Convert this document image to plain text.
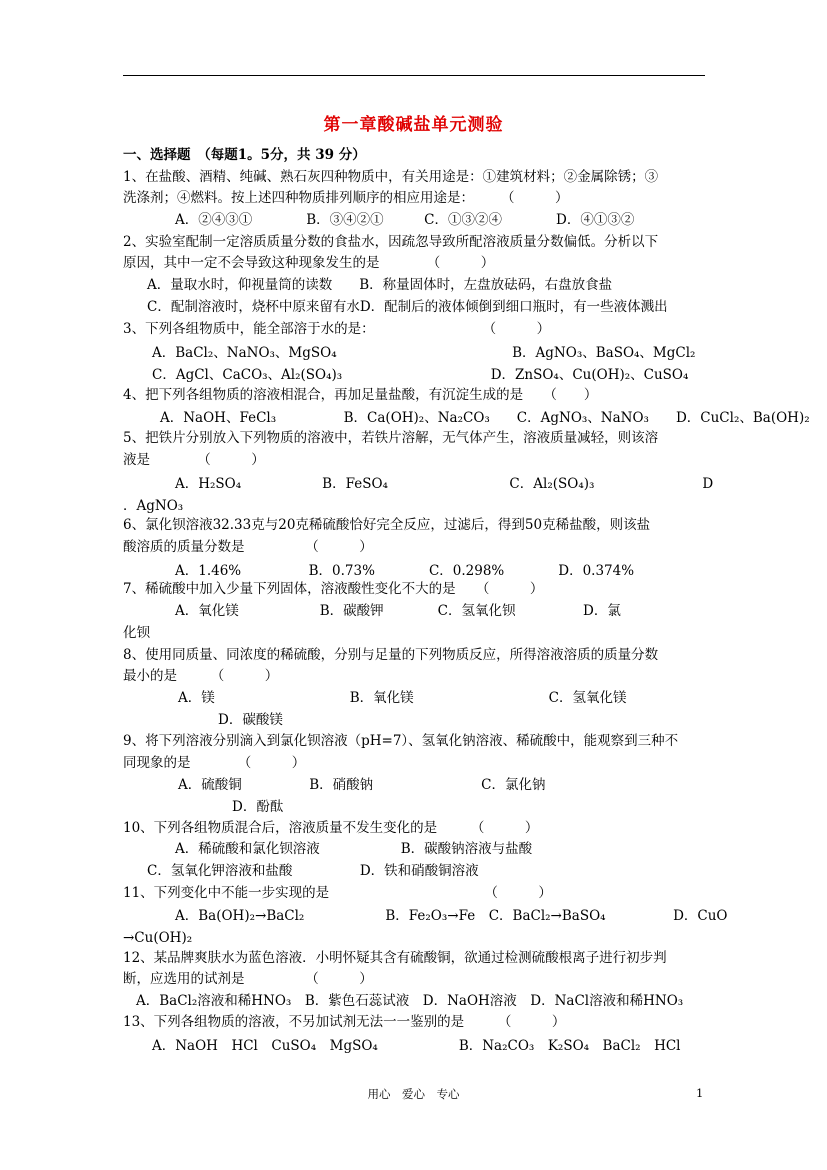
第一章酸碱盐单元测验
一、选择题　（每题1。5分，共 39 分）
1、在盐酸、酒精、纯碱、熟石灰四种物质中，有关用途是：①建筑材料；②金属除锈；③
洗涤剂；④燃料。按上述四种物质排列顺序的相应用途是：　　　（　　　）
A．②④③①　　　　B．③④②①　　　C．①③②④　　　　D．④①③②
2、实验室配制一定溶质质量分数的食盐水，因疏忽导致所配溶液质量分数偏低。分析以下
原因，其中一定不会导致这种现象发生的是　　　　（　　　）
A．量取水时，仰视量筒的读数　　B．称量固体时，左盘放砝码，右盘放食盐
C．配制溶液时，烧杯中原来留有水D．配制后的液体倾倒到细口瓶时，有一些液体溅出
3、下列各组物质中，能全部溶于水的是：　　　　　　　　　（　　　）
A．BaCl₂、NaNO₃、MgSO₄　　　　　　　　　　　　　B．AgNO₃、BaSO₄、MgCl₂
C．AgCl、CaCO₃、Al₂(SO₄)₃　　　　　　　　　　　D．ZnSO₄、Cu(OH)₂、CuSO₄
4、把下列各组物质的溶液相混合，再加足量盐酸，有沉淀生成的是　　（　　）
A．NaOH、FeCl₃　　　　　B．Ca(OH)₂、Na₂CO₃　　C．AgNO₃、NaNO₃　　D．CuCl₂、Ba(OH)₂
5、把铁片分别放入下列物质的溶液中，若铁片溶解，无气体产生，溶液质量减轻，则该溶
液是　　　　（　　　）
A．H₂SO₄　　　　　　B．FeSO₄　　　　　　　　　C．Al₂(SO₄)₃　　　　　　　　D
．AgNO₃
6、氯化钡溶液32.33克与20克稀硫酸恰好完全反应，过滤后，得到50克稀盐酸，则该盐
酸溶质的质量分数是　　　　　（　　　）
A．1.46%　　　　　B．0.73%　　　　C．0.298%　　　　D．0.374%
7、稀硫酸中加入少量下列固体，溶液酸性变化不大的是　　（　　　）
A．氧化镁　　　　　　B．碳酸钾　　　　C．氢氧化钡　　　　　D．氯
化钡
8、使用同质量、同浓度的稀硫酸，分别与足量的下列物质反应，所得溶液溶质的质量分数
最小的是　　　（　　　）
A．镁　　　　　　　　　　B．氧化镁　　　　　　　　　　C．氢氧化镁
D．碳酸镁
9、将下列溶液分别滴入到氯化钡溶液（pH=7）、氢氧化钠溶液、稀硫酸中，能观察到三种不
同现象的是　　　　（　　　）
A．硫酸铜　　　　　B．硝酸钠　　　　　　　　C．氯化钠
D．酚酞
10、下列各组物质混合后，溶液质量不发生变化的是　　　（　　　）
A．稀硫酸和氯化钡溶液　　　　　　B．碳酸钠溶液与盐酸
C．氢氧化钾溶液和盐酸　　　　　D．铁和硝酸铜溶液
11、下列变化中不能一步实现的是　　　　　　　　　　　　（　　　）
A．Ba(OH)₂→BaCl₂　　　　　　B．Fe₂O₃→Fe　C．BaCl₂→BaSO₄　　　　　D．CuO
→Cu(OH)₂
12、某品牌爽肤水为蓝色溶液．小明怀疑其含有硫酸铜，欲通过检测硫酸根离子进行初步判
断，应选用的试剂是　　　　　（　　　）
A．BaCl₂溶液和稀HNO₃　B．紫色石蕊试液　D．NaOH溶液　D．NaCl溶液和稀HNO₃
13、下列各组物质的溶液，不另加试剂无法一一鉴别的是　　　（　　　）
A．NaOH　HCl　CuSO₄　MgSO₄　　　　　　B．Na₂CO₃　K₂SO₄　BaCl₂　HCl
用心　爱心　专心	1
